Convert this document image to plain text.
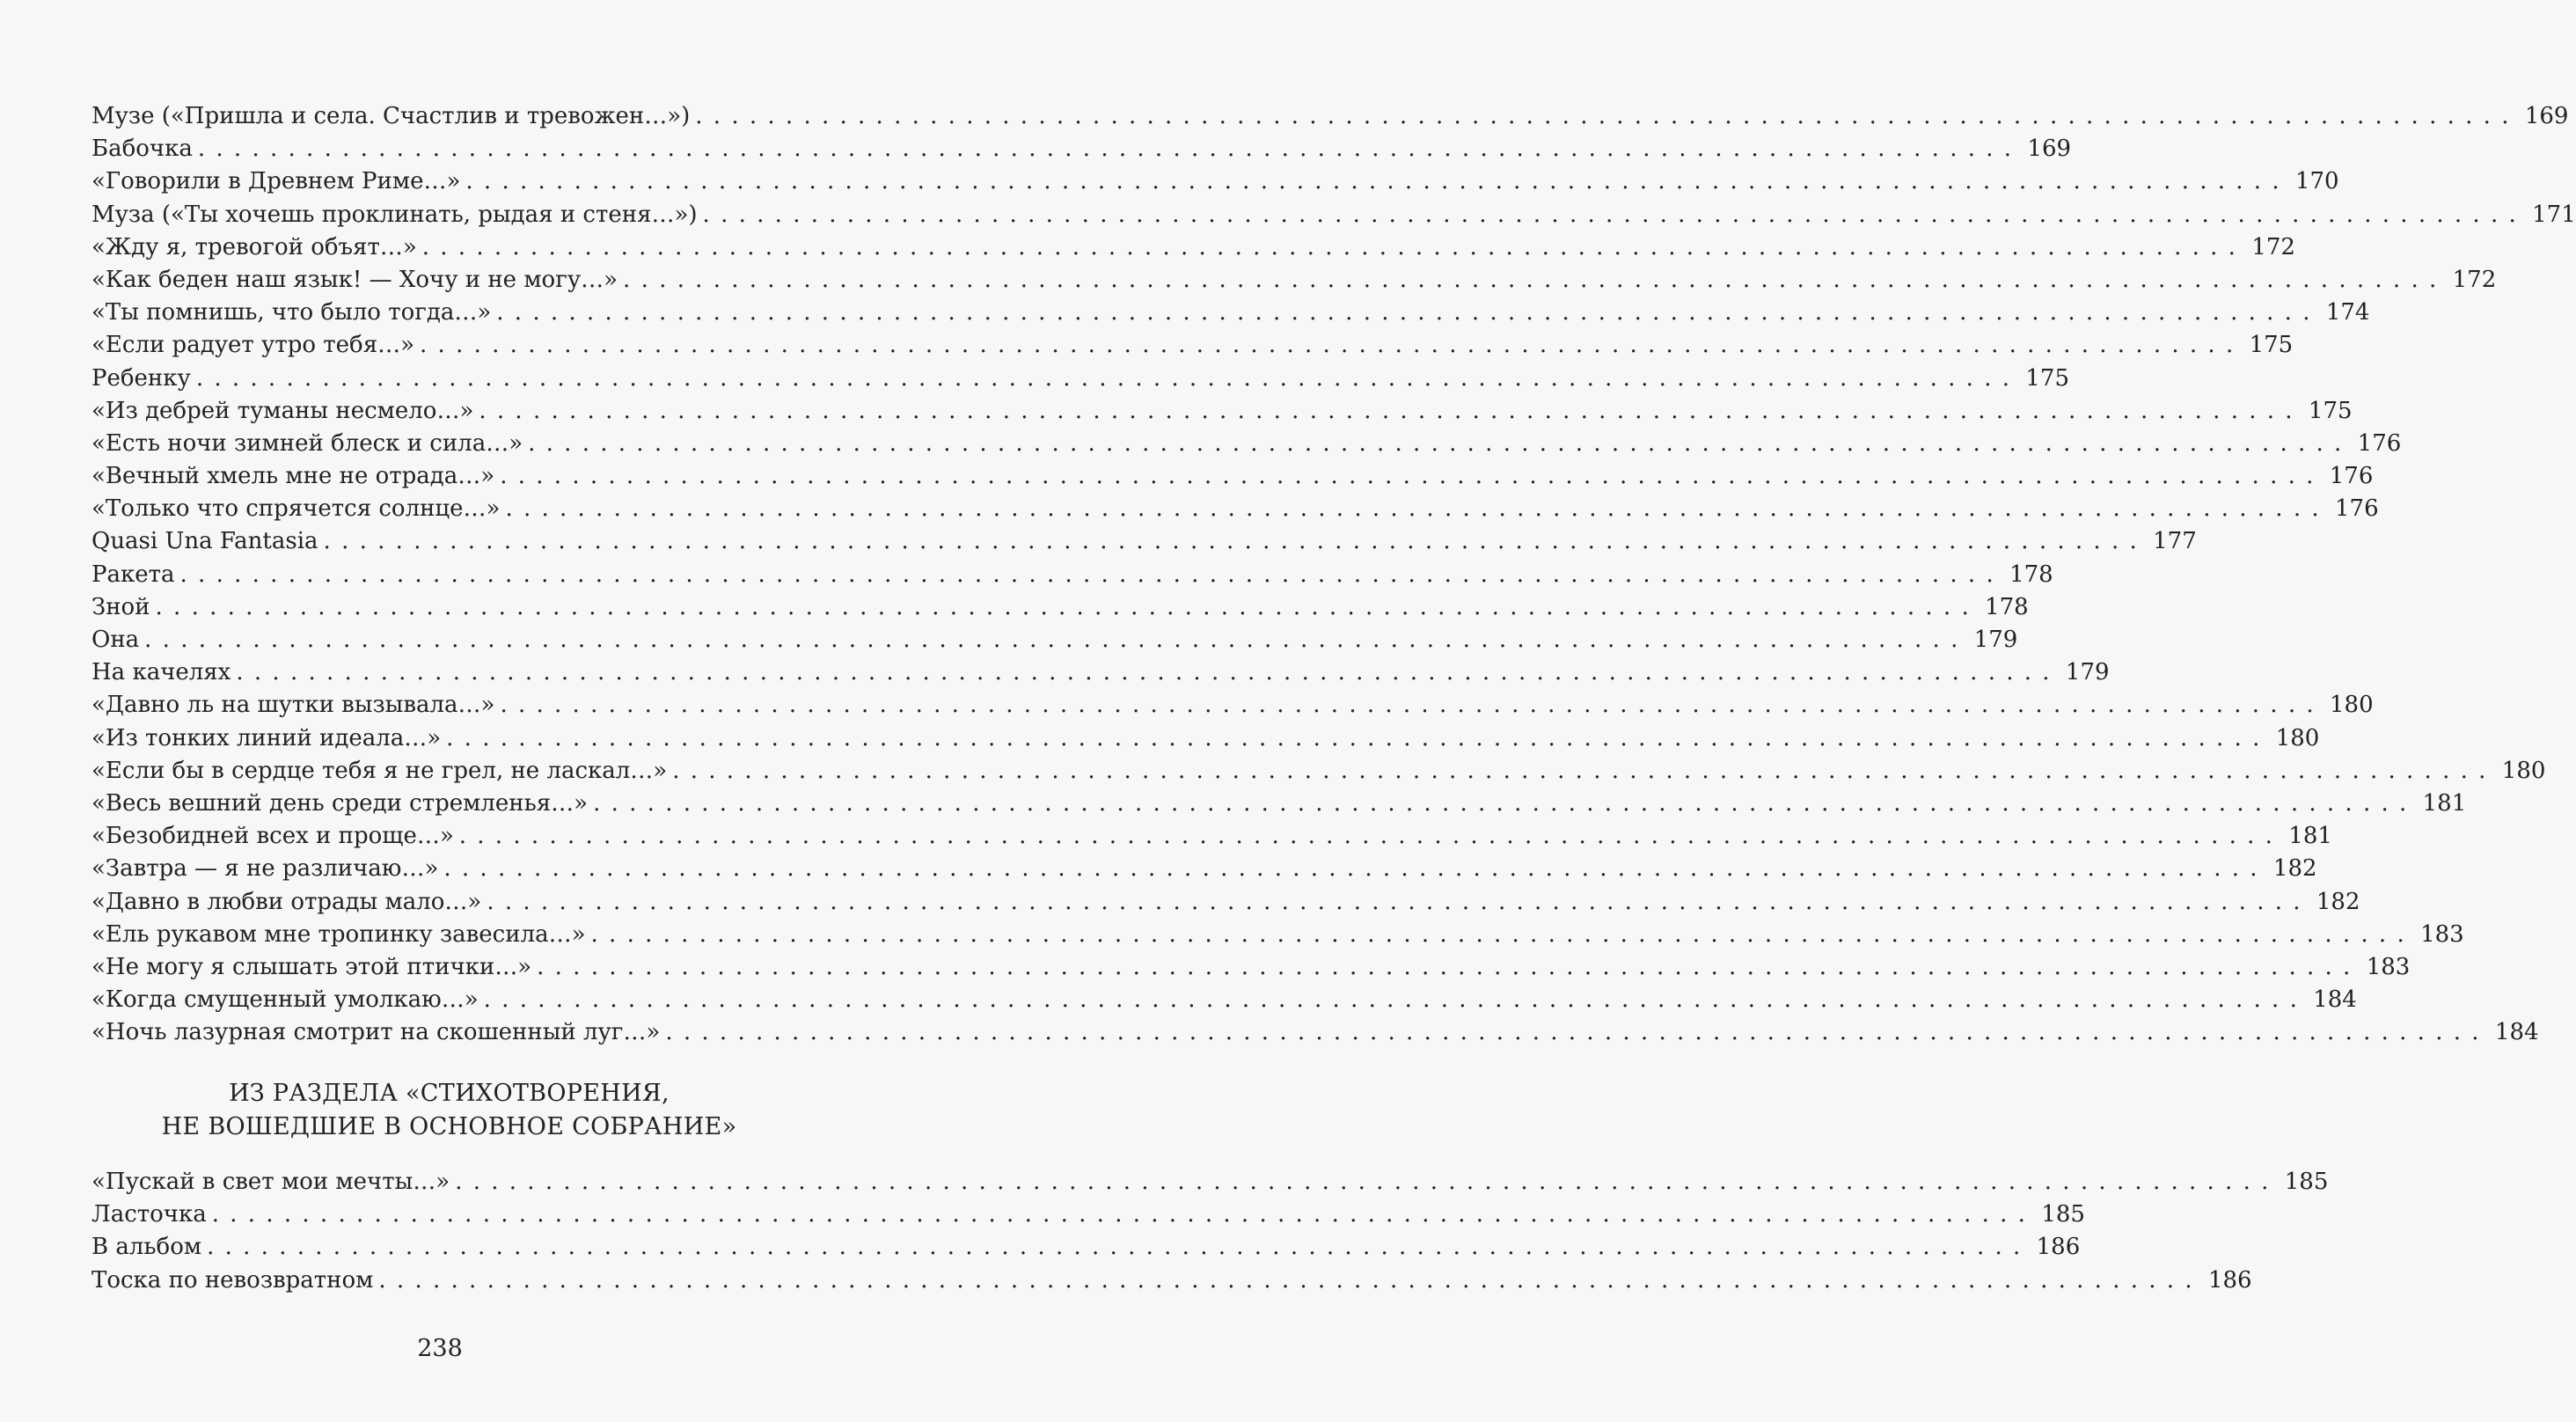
Музе («Пришла и села. Счастлив и тревожен…») . . .	169
Бабочка . . .	169
«Говорили в Древнем Риме…» . . .	170
Муза («Ты хочешь проклинать, рыдая и стеня…») . . .	171
«Жду я, тревогой объят…» . . .	172
«Как беден наш язык! — Хочу и не могу…» . . .	172
«Ты помнишь, что было тогда…» . . .	174
«Если радует утро тебя…» . . .	175
Ребенку . . .	175
«Из дебрей туманы несмело…» . . .	175
«Есть ночи зимней блеск и сила…» . . .	176
«Вечный хмель мне не отрада…» . . .	176
«Только что спрячется солнце…» . . .	176
Quasi Una Fantasia . . .	177
Ракета . . .	178
Зной . . .	178
Она . . .	179
На качелях . . .	179
«Давно ль на шутки вызывала…» . . .	180
«Из тонких линий идеала…» . . .	180
«Если бы в сердце тебя я не грел, не ласкал…» . . .	180
«Весь вешний день среди стремленья…» . . .	181
«Безобидней всех и проще…» . . .	181
«Завтра — я не различаю…» . . .	182
«Давно в любви отрады мало…» . . .	182
«Ель рукавом мне тропинку завесила…» . . .	183
«Не могу я слышать этой птички…» . . .	183
«Когда смущенный умолкаю…» . . .	184
«Ночь лазурная смотрит на скошенный луг…» . . .	184
ИЗ РАЗДЕЛА «СТИХОТВОРЕНИЯ,
НЕ ВОШЕДШИЕ В ОСНОВНОЕ СОБРАНИЕ»
«Пускай в свет мои мечты…» . . .	185
Ласточка . . .	185
В альбом . . .	186
Тоска по невозвратном . . .	186
238
